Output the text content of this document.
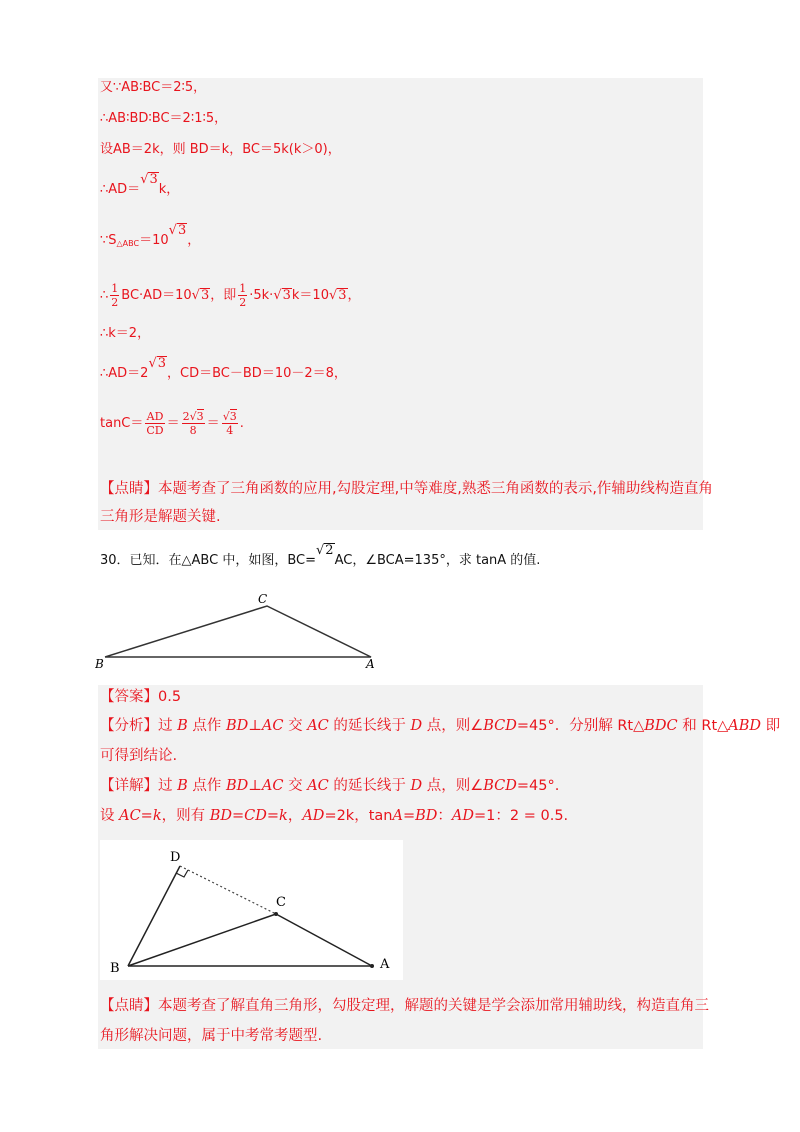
又∵AB∶BC＝2∶5，
∴AB∶BD∶BC＝2∶1∶5，
设AB＝2k，则 BD＝k，BC＝5k(k＞0)，
∴AD＝√3k，
$\because S_{\triangle ABC}=10√3$，
∴ $\frac{1}{2} BC\cdot AD=10√3$，即 $\frac{1}{2} \cdot 5k\cdot√3k=10√3$，
∴k＝2，
∴AD＝2√3，CD＝BC－BD＝10－2＝8，
$\tan C= \frac{AD}{CD} = \frac{2√3}{8} = \frac{√3}{4}$ .
【点睛】本题考查了三角函数的应用,勾股定理,中等难度,熟悉三角函数的表示,作辅助线构造直角
三角形是解题关键.
30．已知．在△ABC 中，如图，BC=√2AC，∠BCA=135°，求 tanA 的值.
C
B	A
【答案】0.5
【分析】过 B 点作 BD⊥AC 交 AC 的延长线于 D 点，则∠BCD=45°．分别解 Rt△BDC 和 Rt△ABD 即
可得到结论.
【详解】过 B 点作 BD⊥AC 交 AC 的延长线于 D 点，则∠BCD=45°.
设 AC=k，则有 BD=CD=k，AD=2k，tanA=BD：AD=1：2 = 0.5.
D
C
B	A
【点睛】本题考查了解直角三角形，勾股定理，解题的关键是学会添加常用辅助线，构造直角三
角形解决问题，属于中考常考题型.
